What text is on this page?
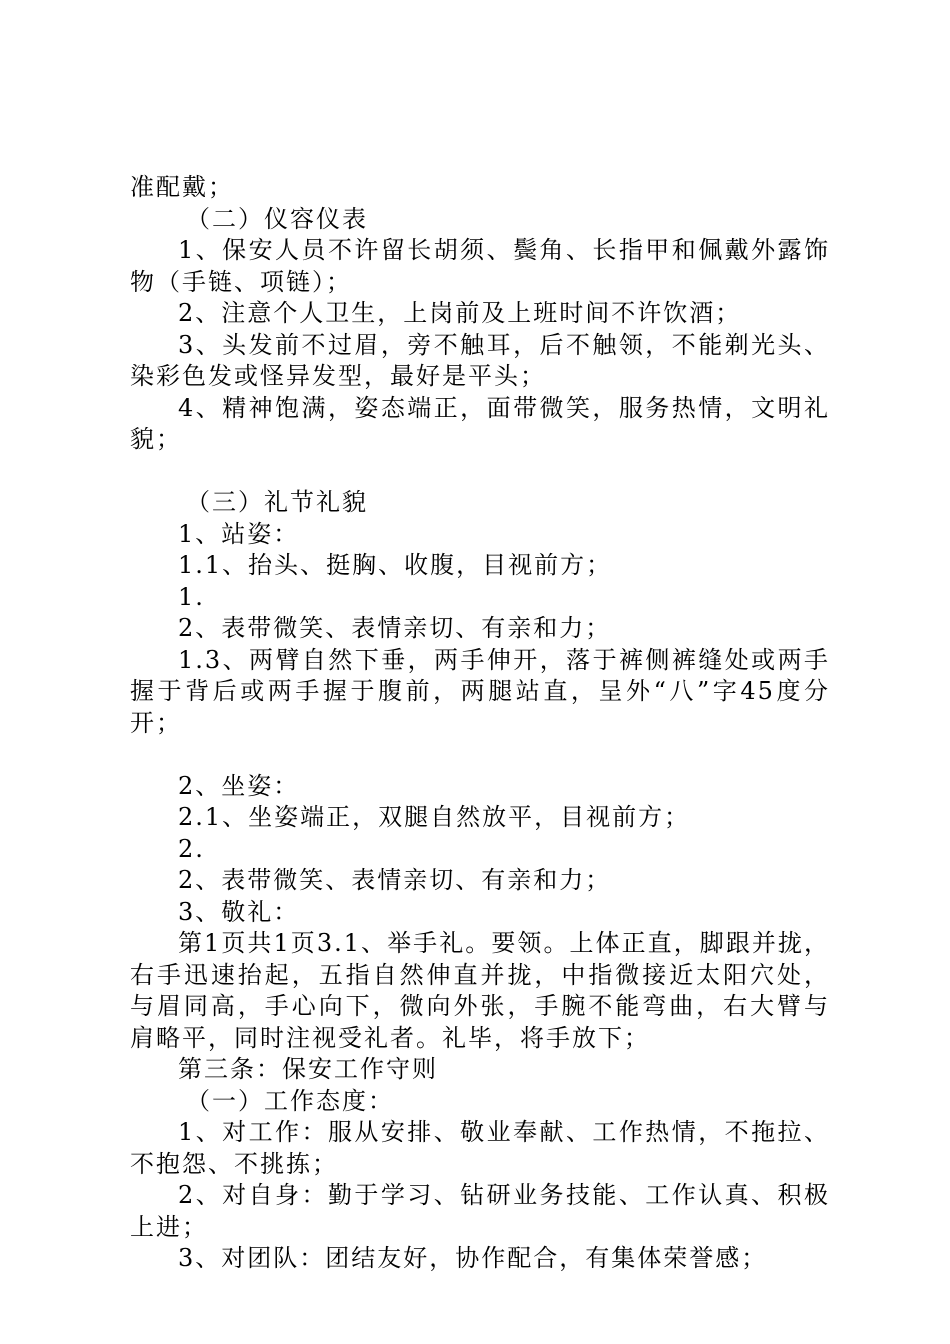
准配戴；

（二）仪容仪表

1、保安人员不许留长胡须、鬓角、长指甲和佩戴外露饰物（手链、项链）；

2、注意个人卫生，上岗前及上班时间不许饮酒；

3、头发前不过眉，旁不触耳，后不触领，不能剃光头、染彩色发或怪异发型，最好是平头；

4、精神饱满，姿态端正，面带微笑，服务热情，文明礼貌；

（三）礼节礼貌

1、站姿：

1.1、抬头、挺胸、收腹，目视前方；

1.

2、表带微笑、表情亲切、有亲和力；

1.3、两臂自然下垂，两手伸开，落于裤侧裤缝处或两手握于背后或两手握于腹前，两腿站直，呈外“八”字45度分开；

2、坐姿：

2.1、坐姿端正，双腿自然放平，目视前方；

2.

2、表带微笑、表情亲切、有亲和力；

3、敬礼：

第1页共1页3.1、举手礼。要领。上体正直，脚跟并拢，右手迅速抬起，五指自然伸直并拢，中指微接近太阳穴处，与眉同高，手心向下，微向外张，手腕不能弯曲，右大臂与肩略平，同时注视受礼者。礼毕，将手放下；

第三条：保安工作守则

（一）工作态度：

1、对工作：服从安排、敬业奉献、工作热情，不拖拉、不抱怨、不挑拣；

2、对自身：勤于学习、钻研业务技能、工作认真、积极上进；

3、对团队：团结友好，协作配合，有集体荣誉感；
